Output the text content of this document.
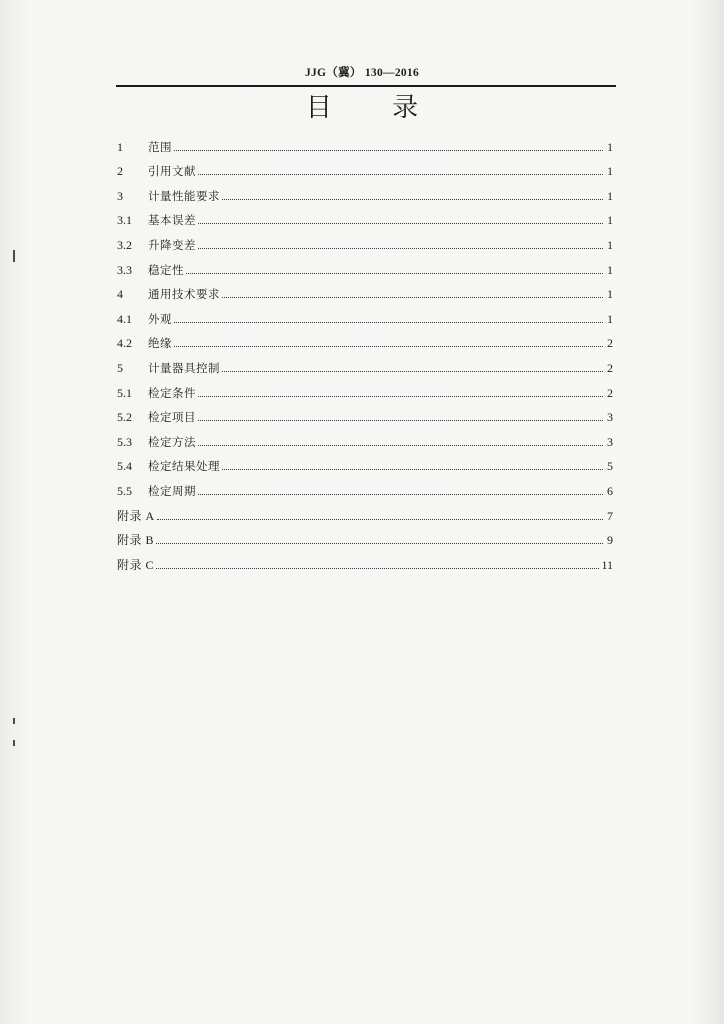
JJG（冀） 130—2016
目 录
1	范围	1
2	引用文献	1
3	计量性能要求	1
3.1	基本误差	1
3.2	升降变差	1
3.3	稳定性	1
4	通用技术要求	1
4.1	外观	1
4.2	绝缘	2
5	计量器具控制	2
5.1	检定条件	2
5.2	检定项目	3
5.3	检定方法	3
5.4	检定结果处理	5
5.5	检定周期	6
附录 A	7
附录 B	9
附录 C	11
